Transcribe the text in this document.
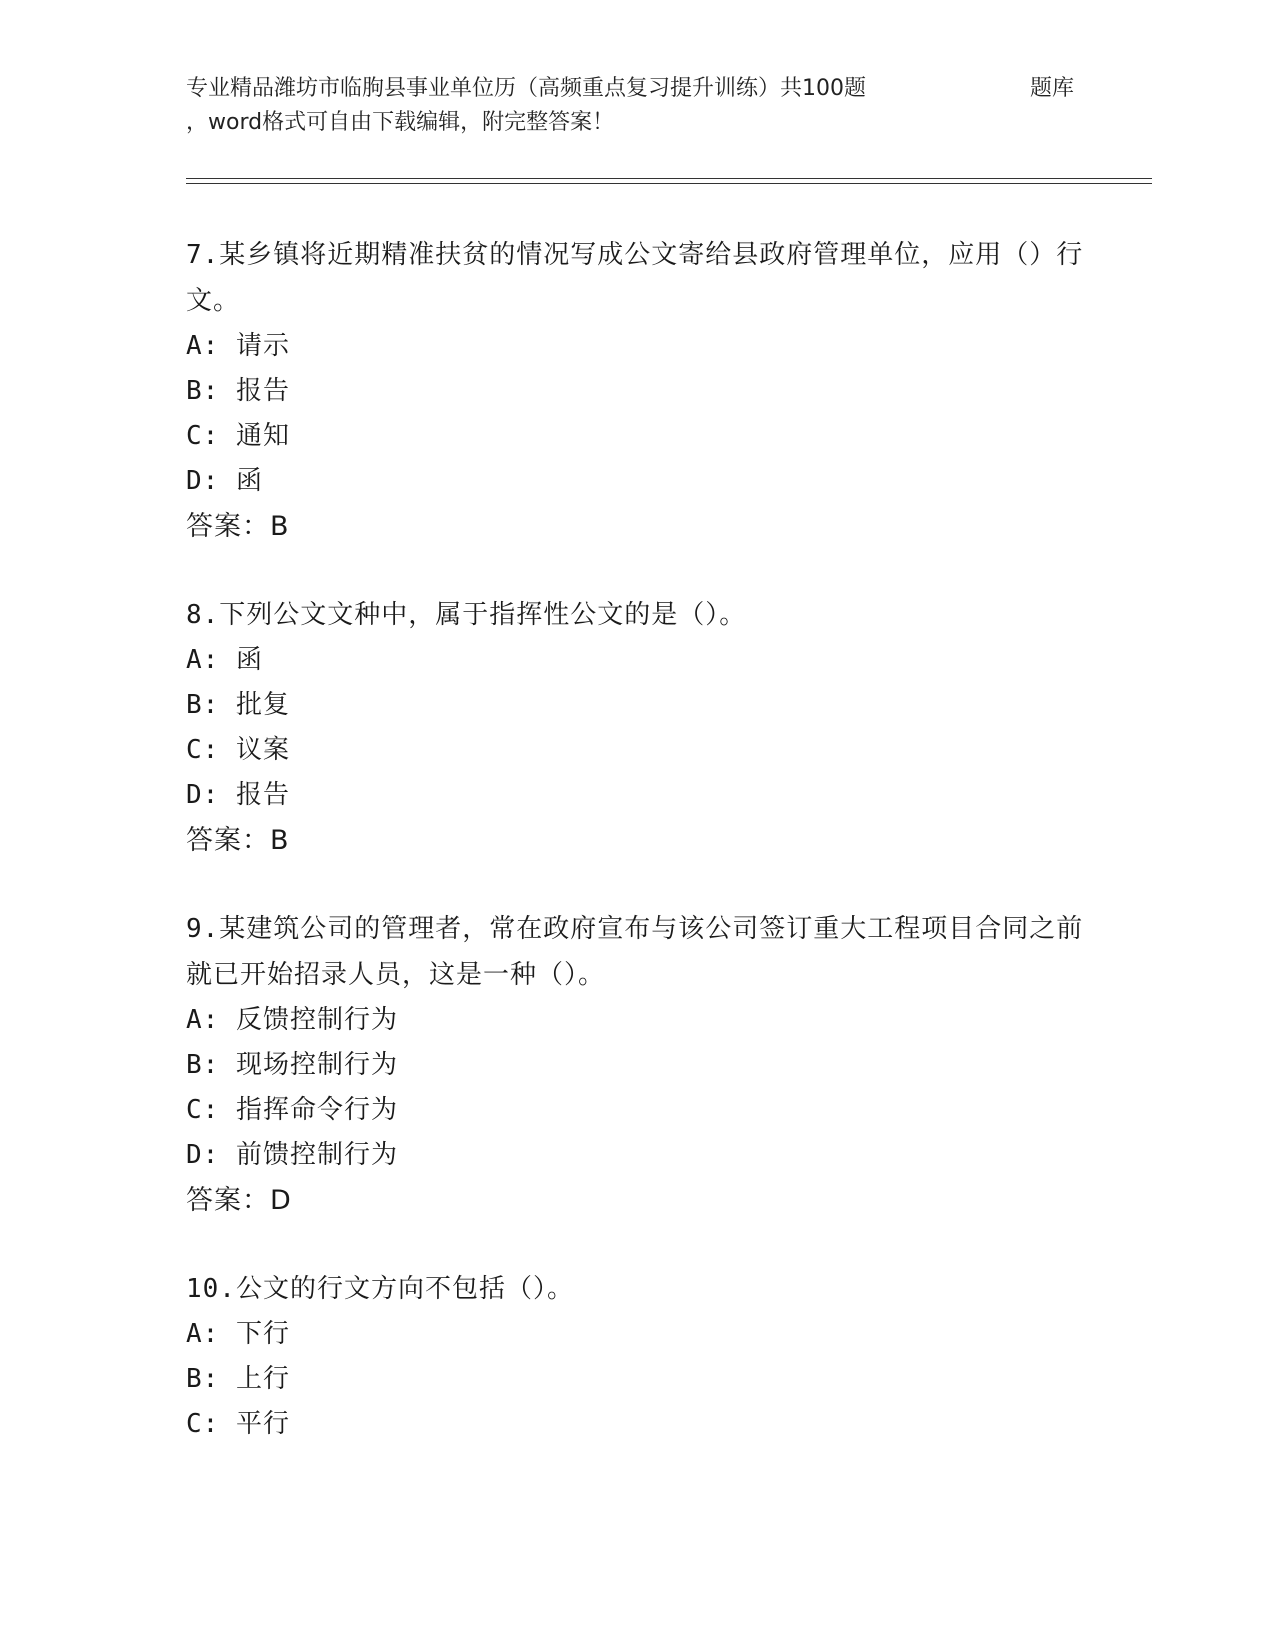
专业精品潍坊市临朐县事业单位历（高频重点复习提升训练）共100题	题库
，word格式可自由下载编辑，附完整答案！
7.某乡镇将近期精准扶贫的情况写成公文寄给县政府管理单位，应用（）行文。
A: 请示
B: 报告
C: 通知
D: 函
答案：B
8.下列公文文种中，属于指挥性公文的是（）。
A: 函
B: 批复
C: 议案
D: 报告
答案：B
9.某建筑公司的管理者，常在政府宣布与该公司签订重大工程项目合同之前就已开始招录人员，这是一种（）。
A: 反馈控制行为
B: 现场控制行为
C: 指挥命令行为
D: 前馈控制行为
答案：D
10.公文的行文方向不包括（）。
A: 下行
B: 上行
C: 平行
